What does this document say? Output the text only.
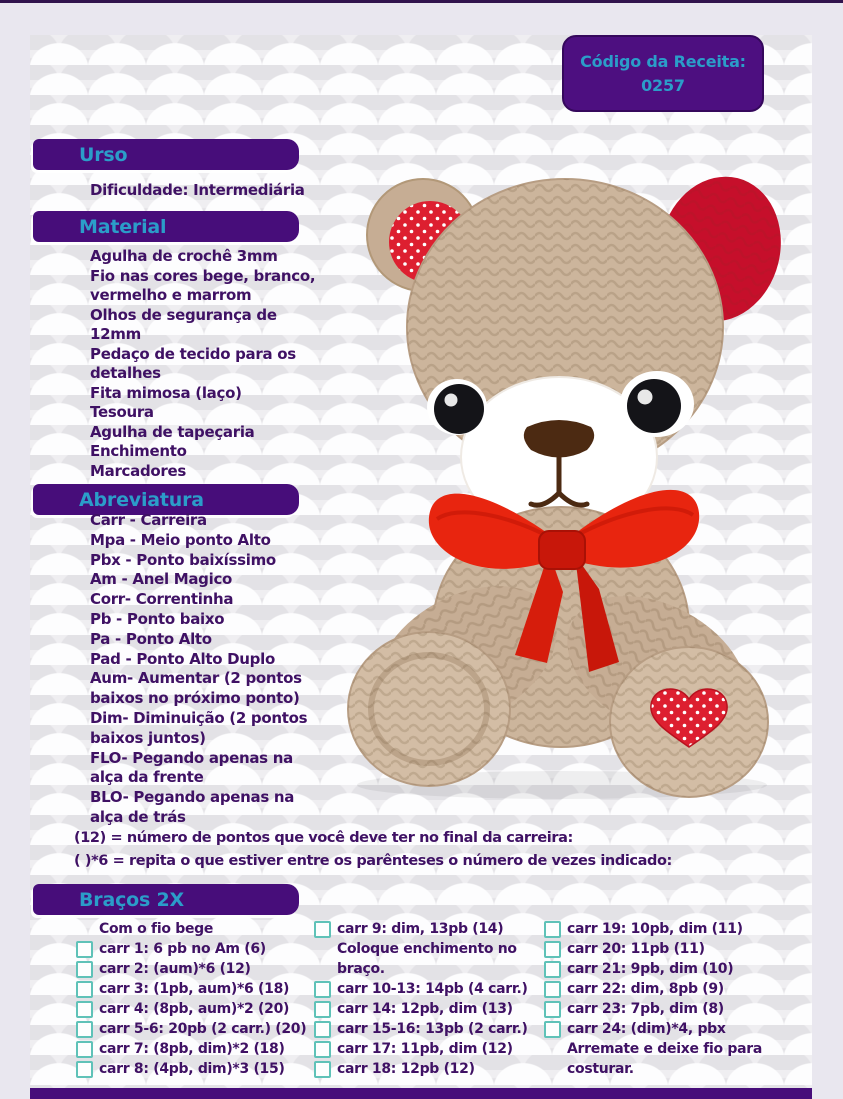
Código da Receita:
0257
Urso
Dificuldade: Intermediária
Material
Agulha de crochê 3mm
Fio nas cores bege, branco,
vermelho e marrom
Olhos de segurança de
12mm
Pedaço de tecido para os
detalhes
Fita mimosa (laço)
Tesoura
Agulha de tapeçaria
Enchimento
Marcadores
Abreviatura
Carr - Carreira
Mpa - Meio ponto Alto
Pbx - Ponto baixíssimo
Am - Anel Magico
Corr- Correntinha
Pb - Ponto baixo
Pa - Ponto Alto
Pad - Ponto Alto Duplo
Aum- Aumentar (2 pontos
baixos no próximo ponto)
Dim- Diminuição (2 pontos
baixos juntos)
FLO- Pegando apenas na
alça da frente
BLO- Pegando apenas na
alça de trás
(12) = número de pontos que você deve ter no final da carreira:
( )*6 = repita o que estiver entre os parênteses o número de vezes indicado:
Braços 2X
Com o fio bege
carr 1: 6 pb no Am (6)
carr 2: (aum)*6 (12)
carr 3: (1pb, aum)*6 (18)
carr 4: (8pb, aum)*2 (20)
carr 5-6: 20pb (2 carr.) (20)
carr 7: (8pb, dim)*2 (18)
carr 8: (4pb, dim)*3 (15)
carr 9: dim, 13pb (14)
Coloque enchimento no
braço.
carr 10-13: 14pb (4 carr.)
carr 14: 12pb, dim (13)
carr 15-16: 13pb (2 carr.)
carr 17: 11pb, dim (12)
carr 18: 12pb (12)
carr 19: 10pb, dim (11)
carr 20: 11pb (11)
carr 21: 9pb, dim (10)
carr 22: dim, 8pb (9)
carr 23: 7pb, dim (8)
carr 24: (dim)*4, pbx
Arremate e deixe fio para
costurar.
